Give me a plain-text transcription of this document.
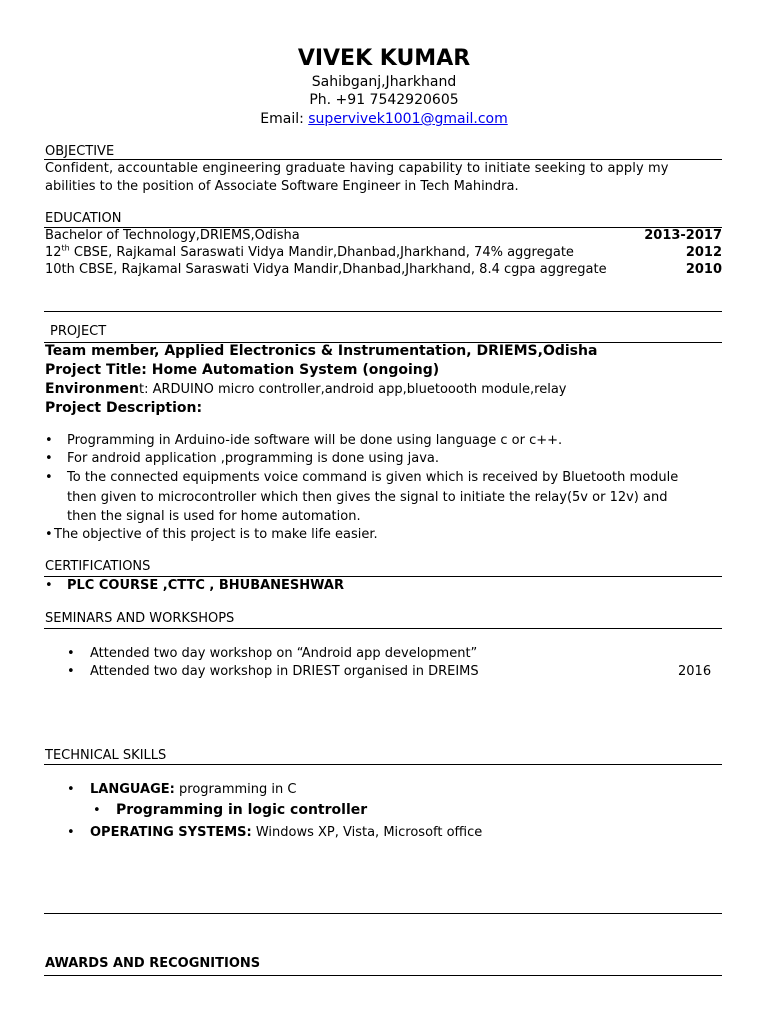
VIVEK KUMAR
Sahibganj,Jharkhand
Ph. +91 7542920605
Email: supervivek1001@gmail.com
OBJECTIVE
Confident, accountable engineering graduate having capability to initiate seeking to apply my
abilities to the position of Associate Software Engineer in Tech Mahindra.
EDUCATION
Bachelor of Technology,DRIEMS,Odisha	2013-2017
12th CBSE, Rajkamal Saraswati Vidya Mandir,Dhanbad,Jharkhand, 74% aggregate	2012
10th CBSE, Rajkamal Saraswati Vidya Mandir,Dhanbad,Jharkhand, 8.4 cgpa aggregate	2010
PROJECT
Team member, Applied Electronics & Instrumentation, DRIEMS,Odisha
Project Title: Home Automation System (ongoing)
Environment: ARDUINO micro controller,android app,bluetoooth module,relay
Project Description:
• Programming in Arduino-ide software will be done using language c or c++.
• For android application ,programming is done using java.
• To the connected equipments voice command is given which is received by Bluetooth module
then given to microcontroller which then gives the signal to initiate the relay(5v or 12v) and
then the signal is used for home automation.
• The objective of this project is to make life easier.
CERTIFICATIONS
• PLC COURSE ,CTTC , BHUBANESHWAR
SEMINARS AND WORKSHOPS
• Attended two day workshop on “Android app development”
• Attended two day workshop in DRIEST organised in DREIMS	2016
TECHNICAL SKILLS
• LANGUAGE: programming in C
• Programming in logic controller
• OPERATING SYSTEMS: Windows XP, Vista, Microsoft office
AWARDS AND RECOGNITIONS
